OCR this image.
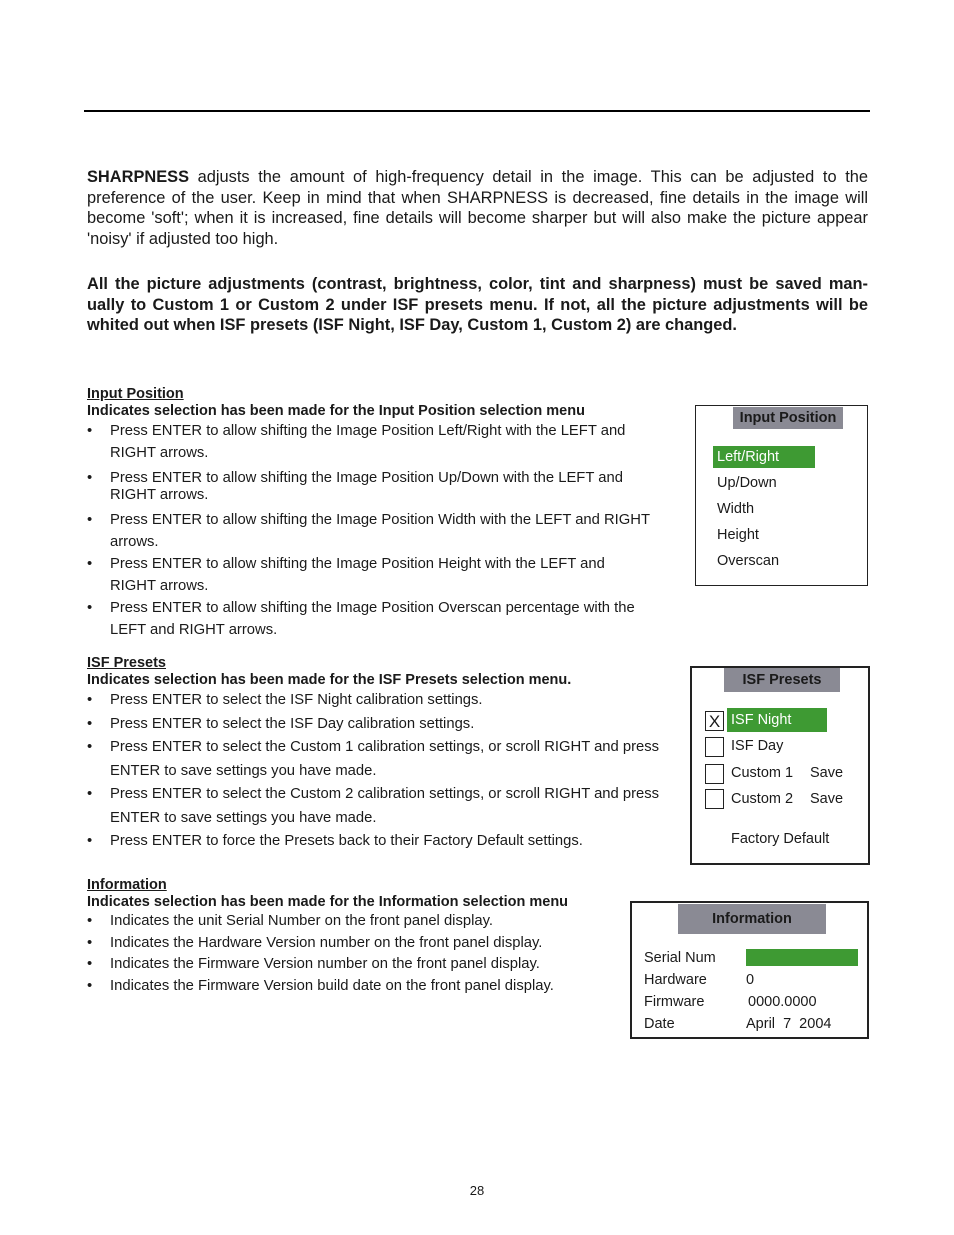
SHARPNESS adjusts the amount of high-frequency detail in the image. This can be adjusted to the preference of the user. Keep in mind that when SHARPNESS is decreased, fine details in the image will become 'soft'; when it is increased, fine details will become sharper but will also make the picture appear 'noisy' if adjusted too high.

All the picture adjustments (contrast, brightness, color, tint and sharpness) must be saved man-ually to Custom 1 or Custom 2 under ISF presets menu. If not, all the picture adjustments will be whited out when ISF presets (ISF Night, ISF Day, Custom 1, Custom 2) are changed.

Input Position
Indicates selection has been made for the Input Position selection menu
• Press ENTER to allow shifting the Image Position Left/Right with the LEFT and RIGHT arrows.
• Press ENTER to allow shifting the Image Position Up/Down with the LEFT and RIGHT arrows.
• Press ENTER to allow shifting the Image Position Width with the LEFT and RIGHT arrows.
• Press ENTER to allow shifting the Image Position Height with the LEFT and RIGHT arrows.
• Press ENTER to allow shifting the Image Position Overscan percentage with the LEFT and RIGHT arrows.
Input Position
Left/Right
Up/Down
Width
Height
Overscan
ISF Presets
Indicates selection has been made for the ISF Presets selection menu.
• Press ENTER to select the ISF Night calibration settings.
• Press ENTER to select the ISF Day calibration settings.
• Press ENTER to select the Custom 1 calibration settings, or scroll RIGHT and press ENTER to save settings you have made.
• Press ENTER to select the Custom 2 calibration settings, or scroll RIGHT and press ENTER to save settings you have made.
• Press ENTER to force the Presets back to their Factory Default settings.
ISF Presets
X ISF Night
ISF Day
Custom 1 Save
Custom 2 Save
Factory Default
Information
Indicates selection has been made for the Information selection menu
• Indicates the unit Serial Number on the front panel display.
• Indicates the Hardware Version number on the front panel display.
• Indicates the Firmware Version number on the front panel display.
• Indicates the Firmware Version build date on the front panel display.
Information
Serial Num
Hardware	0
Firmware	0000.0000
Date	April  7  2004
28
